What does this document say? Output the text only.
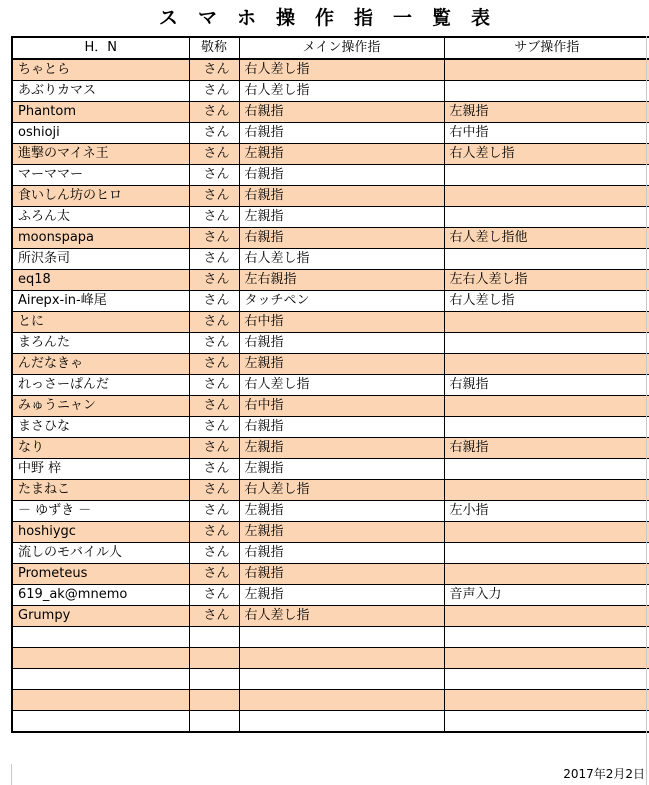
ス マ ホ 操 作 指 一 覧 表
H．N	敬称	メイン操作指	サブ操作指
ちゃとら	さん	右人差し指	
あぶりカマス	さん	右人差し指	
Phantom	さん	右親指	左親指
oshioji	さん	右親指	右中指
進撃のマイネ王	さん	左親指	右人差し指
マーママー	さん	右親指	
食いしん坊のヒロ	さん	右親指	
ふろん太	さん	左親指	
moonspapa	さん	右親指	右人差し指他
所沢条司	さん	右人差し指	
eq18	さん	左右親指	左右人差し指
Airepx-in-峰尾	さん	タッチペン	右人差し指
とに	さん	右中指	
まろんた	さん	右親指	
んだなきゃ	さん	左親指	
れっさーぱんだ	さん	右人差し指	右親指
みゅうニャン	さん	右中指	
まさひな	さん	右親指	
なり	さん	左親指	右親指
中野 梓	さん	左親指	
たまねこ	さん	右人差し指	
－ ゆずき －	さん	左親指	左小指
hoshiygc	さん	左親指	
流しのモバイル人	さん	右親指	
Prometeus	さん	右親指	
619_ak@mnemo	さん	左親指	音声入力
Grumpy	さん	右人差し指	

2017年2月2日
